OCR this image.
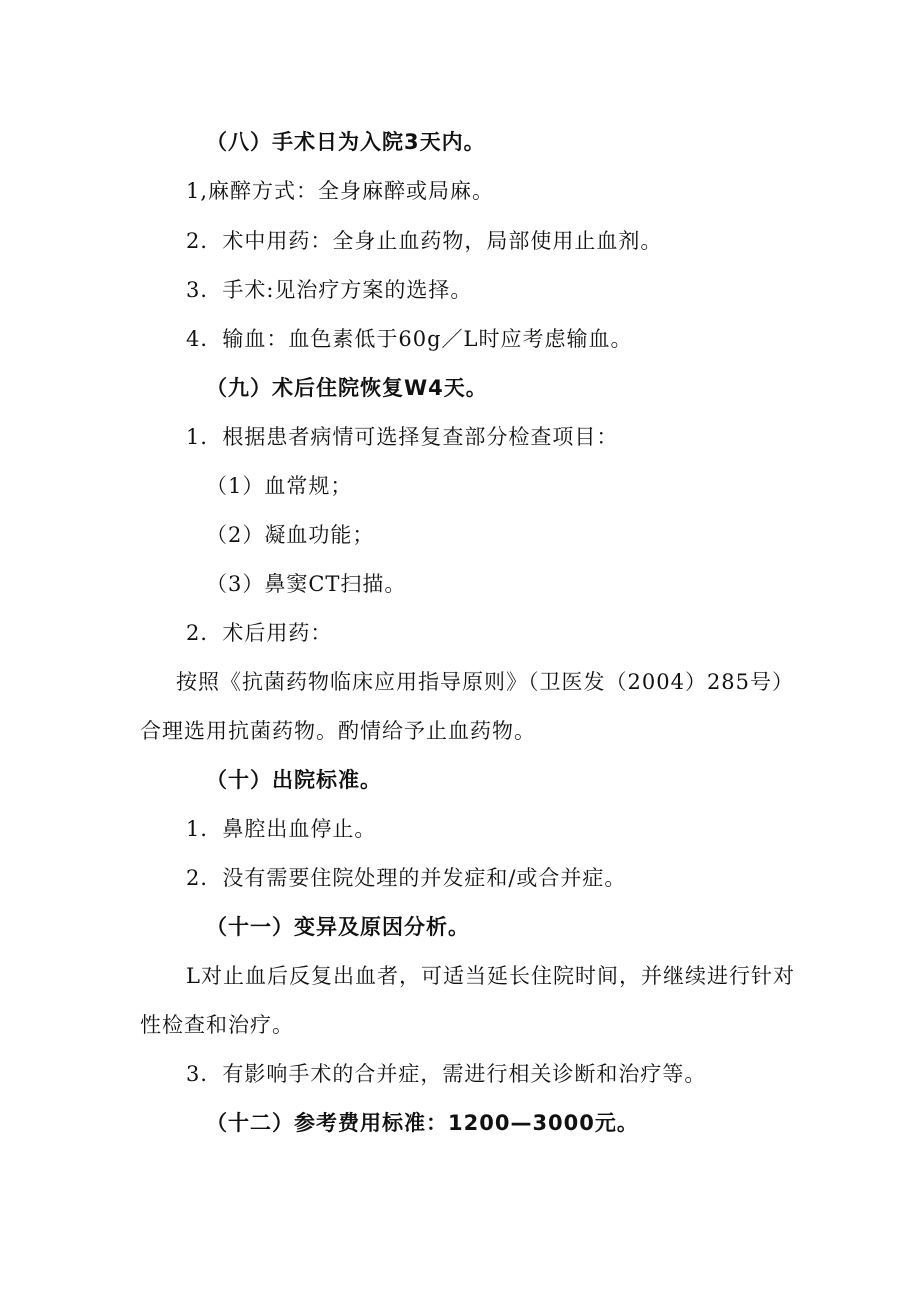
（八）手术日为入院3天内。
1,麻醉方式：全身麻醉或局麻。
2．术中用药：全身止血药物，局部使用止血剂。
3．手术:见治疗方案的选择。
4．输血：血色素低于60g／L时应考虑输血。
（九）术后住院恢复W4天。
1．根据患者病情可选择复查部分检查项目：
（1）血常规；
（2）凝血功能；
（3）鼻窦CT扫描。
2．术后用药：
按照《抗菌药物临床应用指导原则》（卫医发（2004）285号）
合理选用抗菌药物。酌情给予止血药物。
（十）出院标准。
1．鼻腔出血停止。
2．没有需要住院处理的并发症和/或合并症。
（十一）变异及原因分析。
L对止血后反复出血者，可适当延长住院时间，并继续进行针对
性检查和治疗。
3．有影响手术的合并症，需进行相关诊断和治疗等。
（十二）参考费用标准：1200—3000元。
